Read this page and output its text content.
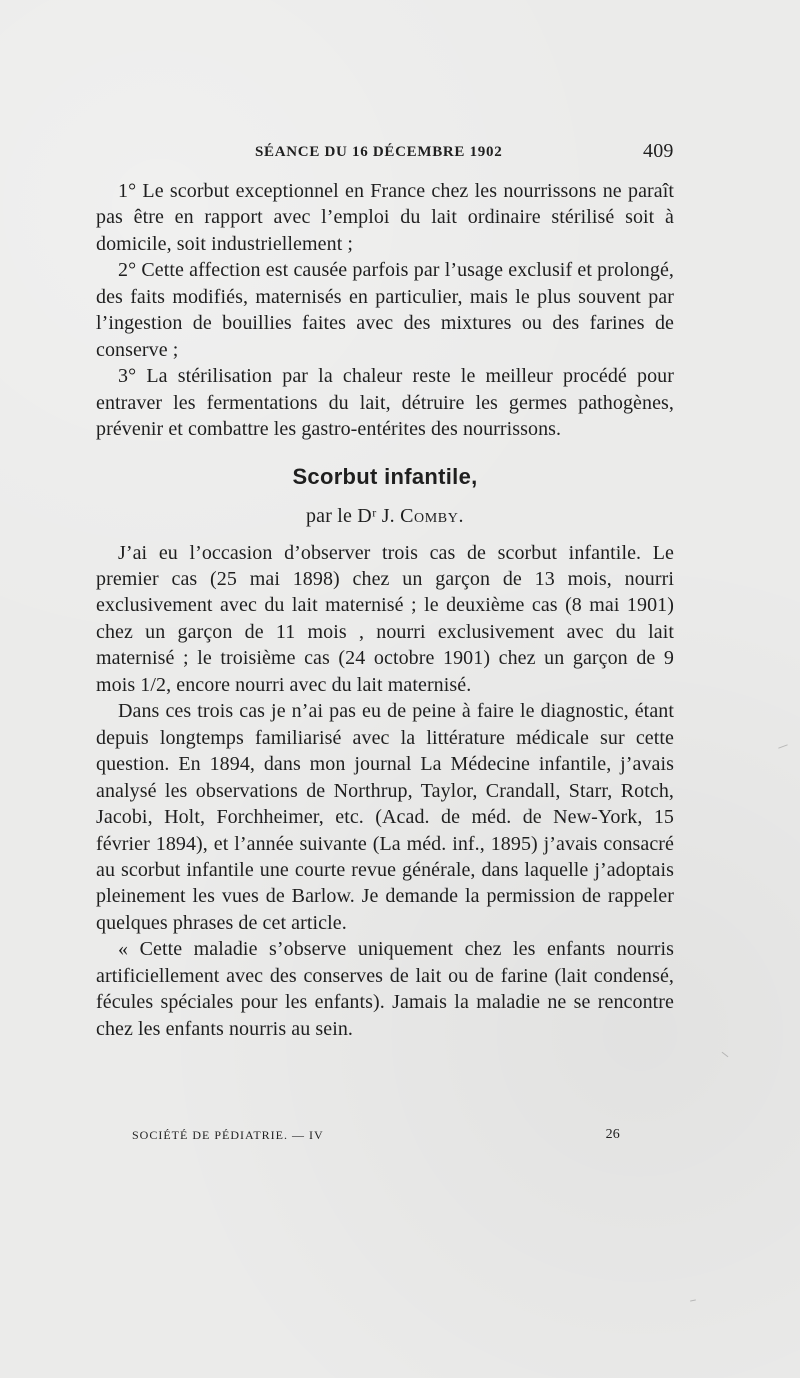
SÉANCE DU 16 DÉCEMBRE 1902	409

1° Le scorbut exceptionnel en France chez les nourrissons ne paraît pas être en rapport avec l’emploi du lait ordinaire stérilisé soit à domicile, soit industriellement ;

2° Cette affection est causée parfois par l’usage exclusif et prolongé, des faits modifiés, maternisés en particulier, mais le plus souvent par l’ingestion de bouillies faites avec des mixtures ou des farines de conserve ;

3° La stérilisation par la chaleur reste le meilleur procédé pour entraver les fermentations du lait, détruire les germes pathogènes, prévenir et combattre les gastro-entérites des nourrissons.

Scorbut infantile,
par le Dʳ J. Comby.

J’ai eu l’occasion d’observer trois cas de scorbut infantile. Le premier cas (25 mai 1898) chez un garçon de 13 mois, nourri exclusivement avec du lait maternisé ; le deuxième cas (8 mai 1901) chez un garçon de 11 mois , nourri exclusivement avec du lait maternisé ; le troisième cas (24 octobre 1901) chez un garçon de 9 mois 1/2, encore nourri avec du lait maternisé.

Dans ces trois cas je n’ai pas eu de peine à faire le diagnostic, étant depuis longtemps familiarisé avec la littérature médicale sur cette question. En 1894, dans mon journal La Médecine infantile, j’avais analysé les observations de Northrup, Taylor, Crandall, Starr, Rotch, Jacobi, Holt, Forchheimer, etc. (Acad. de méd. de New-York, 15 février 1894), et l’année suivante (La méd. inf., 1895) j’avais consacré au scorbut infantile une courte revue générale, dans laquelle j’adoptais pleinement les vues de Barlow. Je demande la permission de rappeler quelques phrases de cet article.

« Cette maladie s’observe uniquement chez les enfants nourris artificiellement avec des conserves de lait ou de farine (lait condensé, fécules spéciales pour les enfants). Jamais la maladie ne se rencontre chez les enfants nourris au sein.

SOCIÉTÉ DE PÉDIATRIE. — IV	26
